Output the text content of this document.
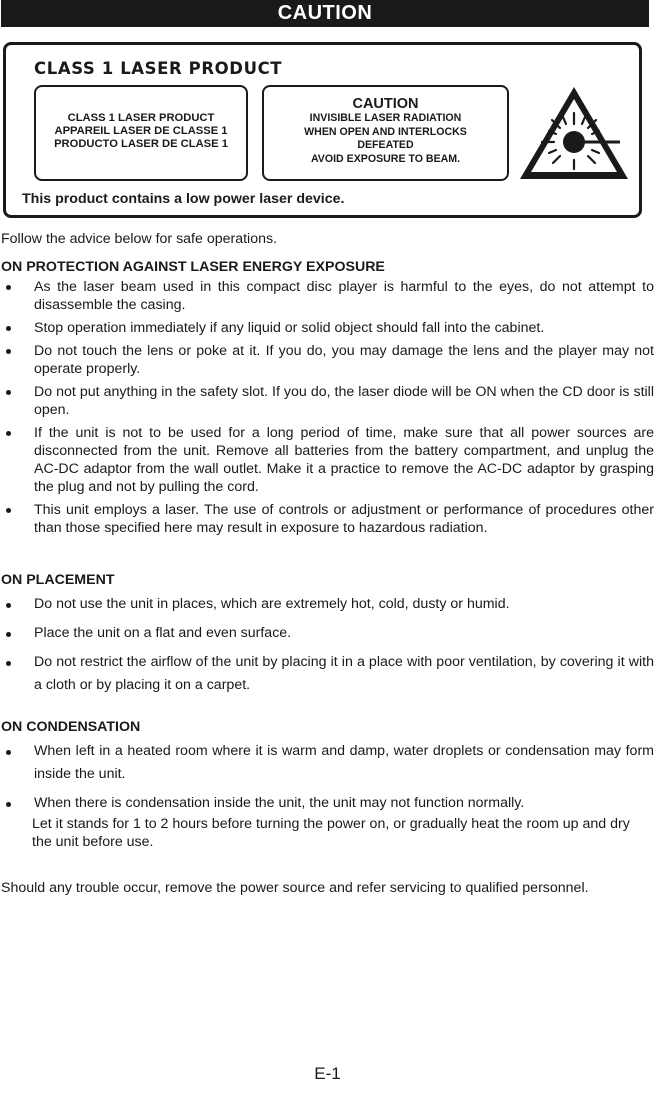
CAUTION
CLASS 1 LASER PRODUCT
CLASS 1 LASER PRODUCT
APPAREIL LASER DE CLASSE 1
PRODUCTO LASER DE CLASE 1
CAUTION
INVISIBLE LASER RADIATION
WHEN OPEN AND INTERLOCKS
DEFEATED
AVOID EXPOSURE TO BEAM.
This product contains a low power laser device.
Follow the advice below for safe operations.
ON PROTECTION AGAINST LASER ENERGY EXPOSURE
As the laser beam used in this compact disc player is harmful to the eyes, do not attempt to disassemble the casing.
Stop operation immediately if any liquid or solid object should fall into the cabinet.
Do not touch the lens or poke at it. If you do, you may damage the lens and the player may not operate properly.
Do not put anything in the safety slot. If you do, the laser diode will be ON when the CD door is still open.
If the unit is not to be used for a long period of time, make sure that all power sources are disconnected from the unit. Remove all batteries from the battery compartment, and unplug the AC-DC adaptor from the wall outlet. Make it a practice to remove the AC-DC adaptor by grasping the plug and not by pulling the cord.
This unit employs a laser. The use of controls or adjustment or performance of procedures other than those specified here may result in exposure to hazardous radiation.
ON PLACEMENT
Do not use the unit in places, which are extremely hot, cold, dusty or humid.
Place the unit on a flat and even surface.
Do not restrict the airflow of the unit by placing it in a place with poor ventilation, by covering it with a cloth or by placing it on a carpet.
ON CONDENSATION
When left in a heated room where it is warm and damp, water droplets or condensation may form inside the unit.
When there is condensation inside the unit, the unit may not function normally.
Let it stands for 1 to 2 hours before turning the power on, or gradually heat the room up and dry the unit before use.
Should any trouble occur, remove the power source and refer servicing to qualified personnel.
E-1
